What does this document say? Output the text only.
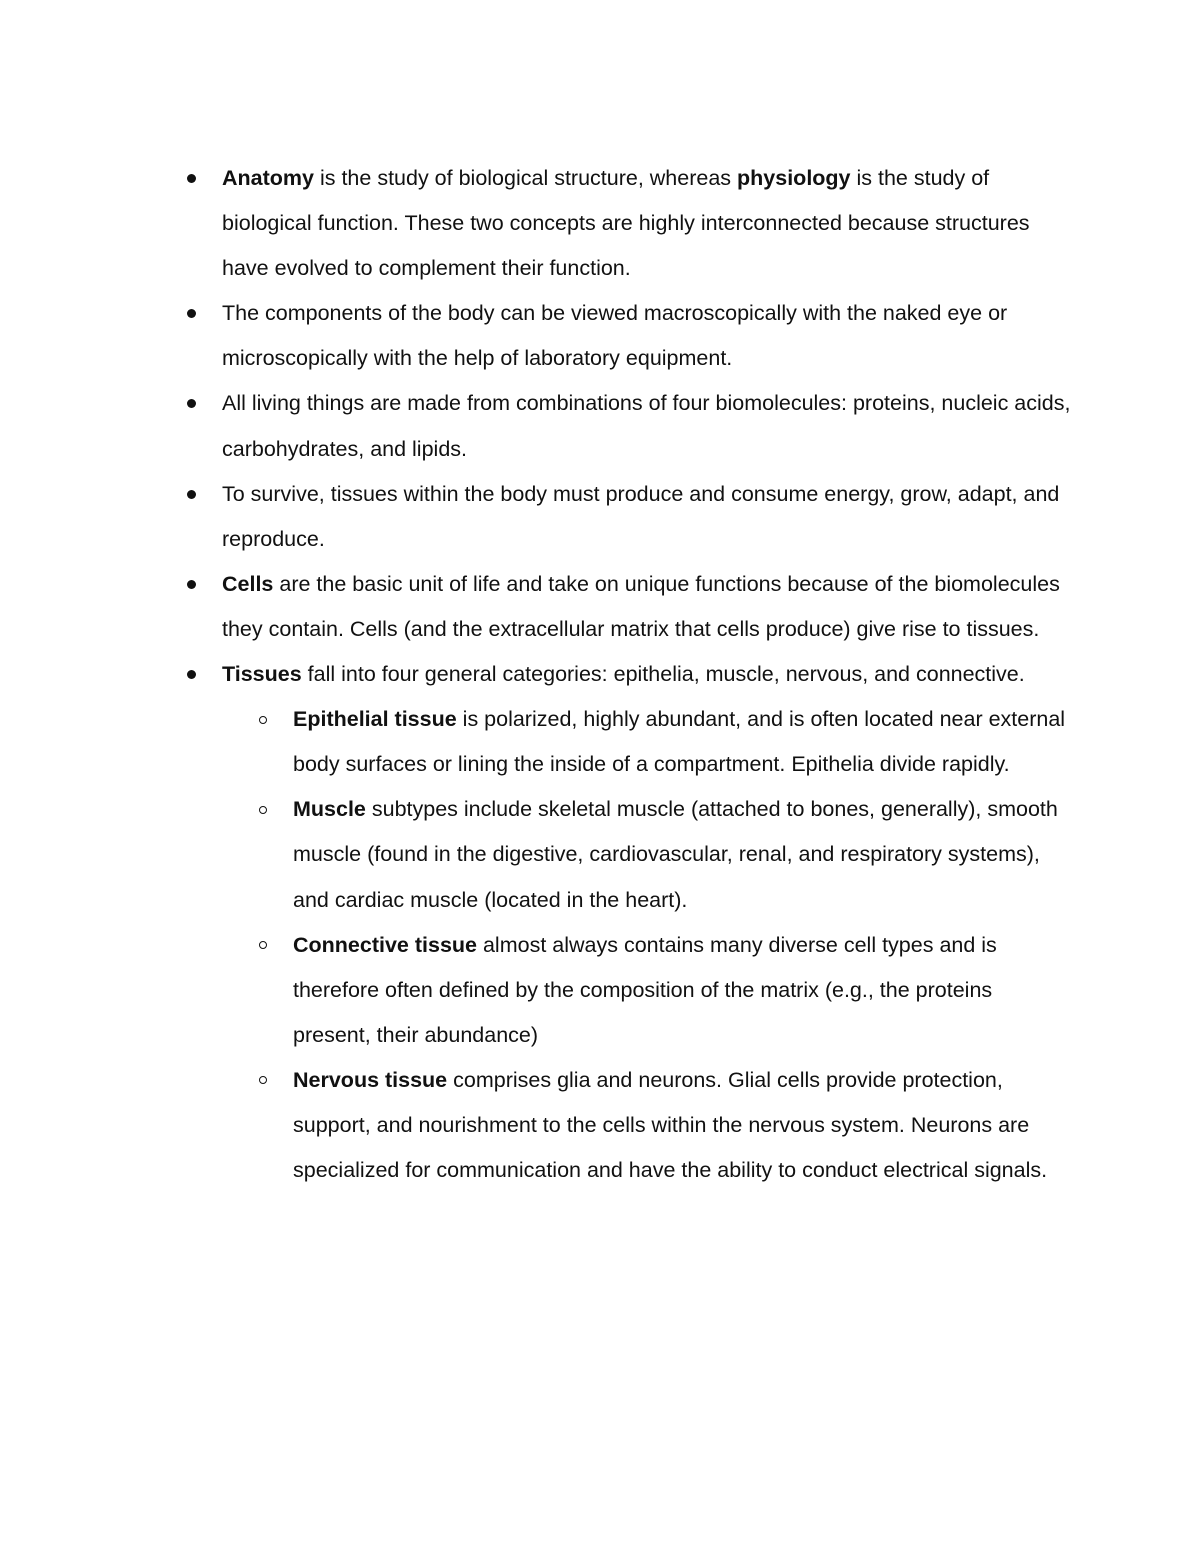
Anatomy is the study of biological structure, whereas physiology is the study of biological function. These two concepts are highly interconnected because structures have evolved to complement their function.

The components of the body can be viewed macroscopically with the naked eye or microscopically with the help of laboratory equipment.

All living things are made from combinations of four biomolecules: proteins, nucleic acids, carbohydrates, and lipids.

To survive, tissues within the body must produce and consume energy, grow, adapt, and reproduce.

Cells are the basic unit of life and take on unique functions because of the biomolecules they contain. Cells (and the extracellular matrix that cells produce) give rise to tissues.

Tissues fall into four general categories: epithelia, muscle, nervous, and connective.

Epithelial tissue is polarized, highly abundant, and is often located near external body surfaces or lining the inside of a compartment. Epithelia divide rapidly.

Muscle subtypes include skeletal muscle (attached to bones, generally), smooth muscle (found in the digestive, cardiovascular, renal, and respiratory systems), and cardiac muscle (located in the heart).

Connective tissue almost always contains many diverse cell types and is therefore often defined by the composition of the matrix (e.g., the proteins present, their abundance)

Nervous tissue comprises glia and neurons. Glial cells provide protection, support, and nourishment to the cells within the nervous system. Neurons are specialized for communication and have the ability to conduct electrical signals.
